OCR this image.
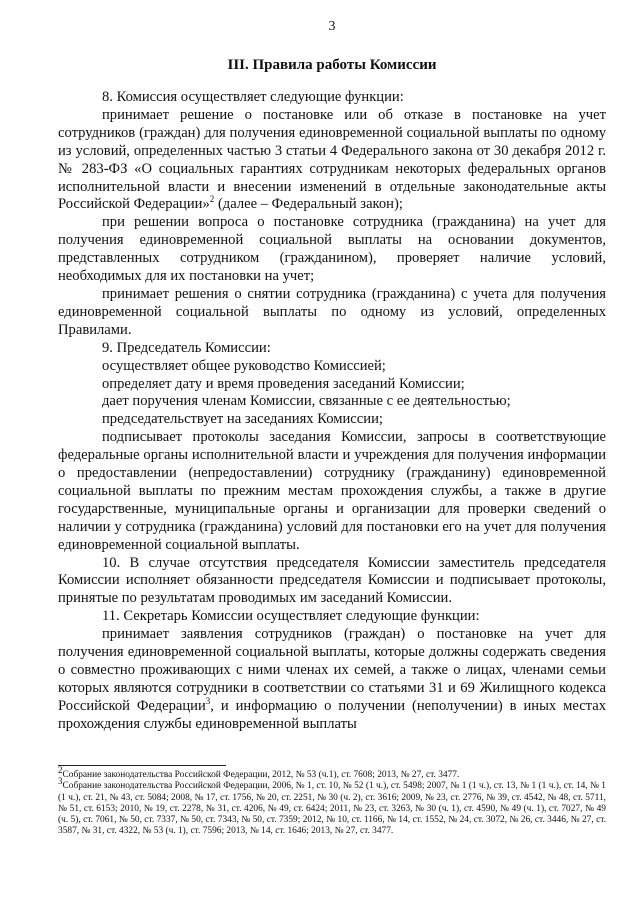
3
III. Правила работы Комиссии

8. Комиссия осуществляет следующие функции:

принимает решение о постановке или об отказе в постановке на учет сотрудников (граждан) для получения единовременной социальной выплаты по одному из условий, определенных частью 3 статьи 4 Федерального закона от 30 декабря 2012 г. № 283-ФЗ «О социальных гарантиях сотрудникам некоторых федеральных органов исполнительной власти и внесении изменений в отдельные законодательные акты Российской Федерации»$^2$ (далее – Федеральный закон);

при решении вопроса о постановке сотрудника (гражданина) на учет для получения единовременной социальной выплаты на основании документов, представленных сотрудником (гражданином), проверяет наличие условий, необходимых для их постановки на учет;

принимает решения о снятии сотрудника (гражданина) с учета для получения единовременной социальной выплаты по одному из условий, определенных Правилами.

9. Председатель Комиссии:

осуществляет общее руководство Комиссией;

определяет дату и время проведения заседаний Комиссии;

дает поручения членам Комиссии, связанные с ее деятельностью;

председательствует на заседаниях Комиссии;

подписывает протоколы заседания Комиссии, запросы в соответствующие федеральные органы исполнительной власти и учреждения для получения информации о предоставлении (непредоставлении) сотруднику (гражданину) единовременной социальной выплаты по прежним местам прохождения службы, а также в другие государственные, муниципальные органы и организации для проверки сведений о наличии у сотрудника (гражданина) условий для постановки его на учет для получения единовременной социальной выплаты.

10. В случае отсутствия председателя Комиссии заместитель председателя Комиссии исполняет обязанности председателя Комиссии и подписывает протоколы, принятые по результатам проводимых им заседаний Комиссии.

11. Секретарь Комиссии осуществляет следующие функции:

принимает заявления сотрудников (граждан) о постановке на учет для получения единовременной социальной выплаты, которые должны содержать сведения о совместно проживающих с ними членах их семей, а также о лицах, членами семьи которых являются сотрудники в соответствии со статьями 31 и 69 Жилищного кодекса Российской Федерации$^3$, и информацию о получении (неполучении) в иных местах прохождения службы единовременной выплаты

$^2$Собрание законодательства Российской Федерации, 2012, № 53 (ч.1), ст. 7608; 2013, № 27, ст. 3477.

$^3$Собрание законодательства Российской Федерации, 2006, № 1, ст. 10, № 52 (1 ч.), ст. 5498; 2007, № 1 (1 ч.), ст. 13, № 1 (1 ч.), ст. 14, № 1 (1 ч.), ст. 21, № 43, ст. 5084; 2008, № 17, ст. 1756, № 20, ст. 2251, № 30 (ч. 2), ст. 3616; 2009, № 23, ст. 2776, № 39, ст. 4542, № 48, ст. 5711, № 51, ст. 6153; 2010, № 19, ст. 2278, № 31, ст. 4206, № 49, ст. 6424; 2011, № 23, ст. 3263, № 30 (ч. 1), ст. 4590, № 49 (ч. 1), ст. 7027, № 49 (ч. 5), ст. 7061, № 50, ст. 7337, № 50, ст. 7343, № 50, ст. 7359; 2012, № 10, ст. 1166, № 14, ст. 1552, № 24, ст. 3072, № 26, ст. 3446, № 27, ст. 3587, № 31, ст. 4322, № 53 (ч. 1), ст. 7596; 2013, № 14, ст. 1646; 2013, № 27, ст. 3477.
